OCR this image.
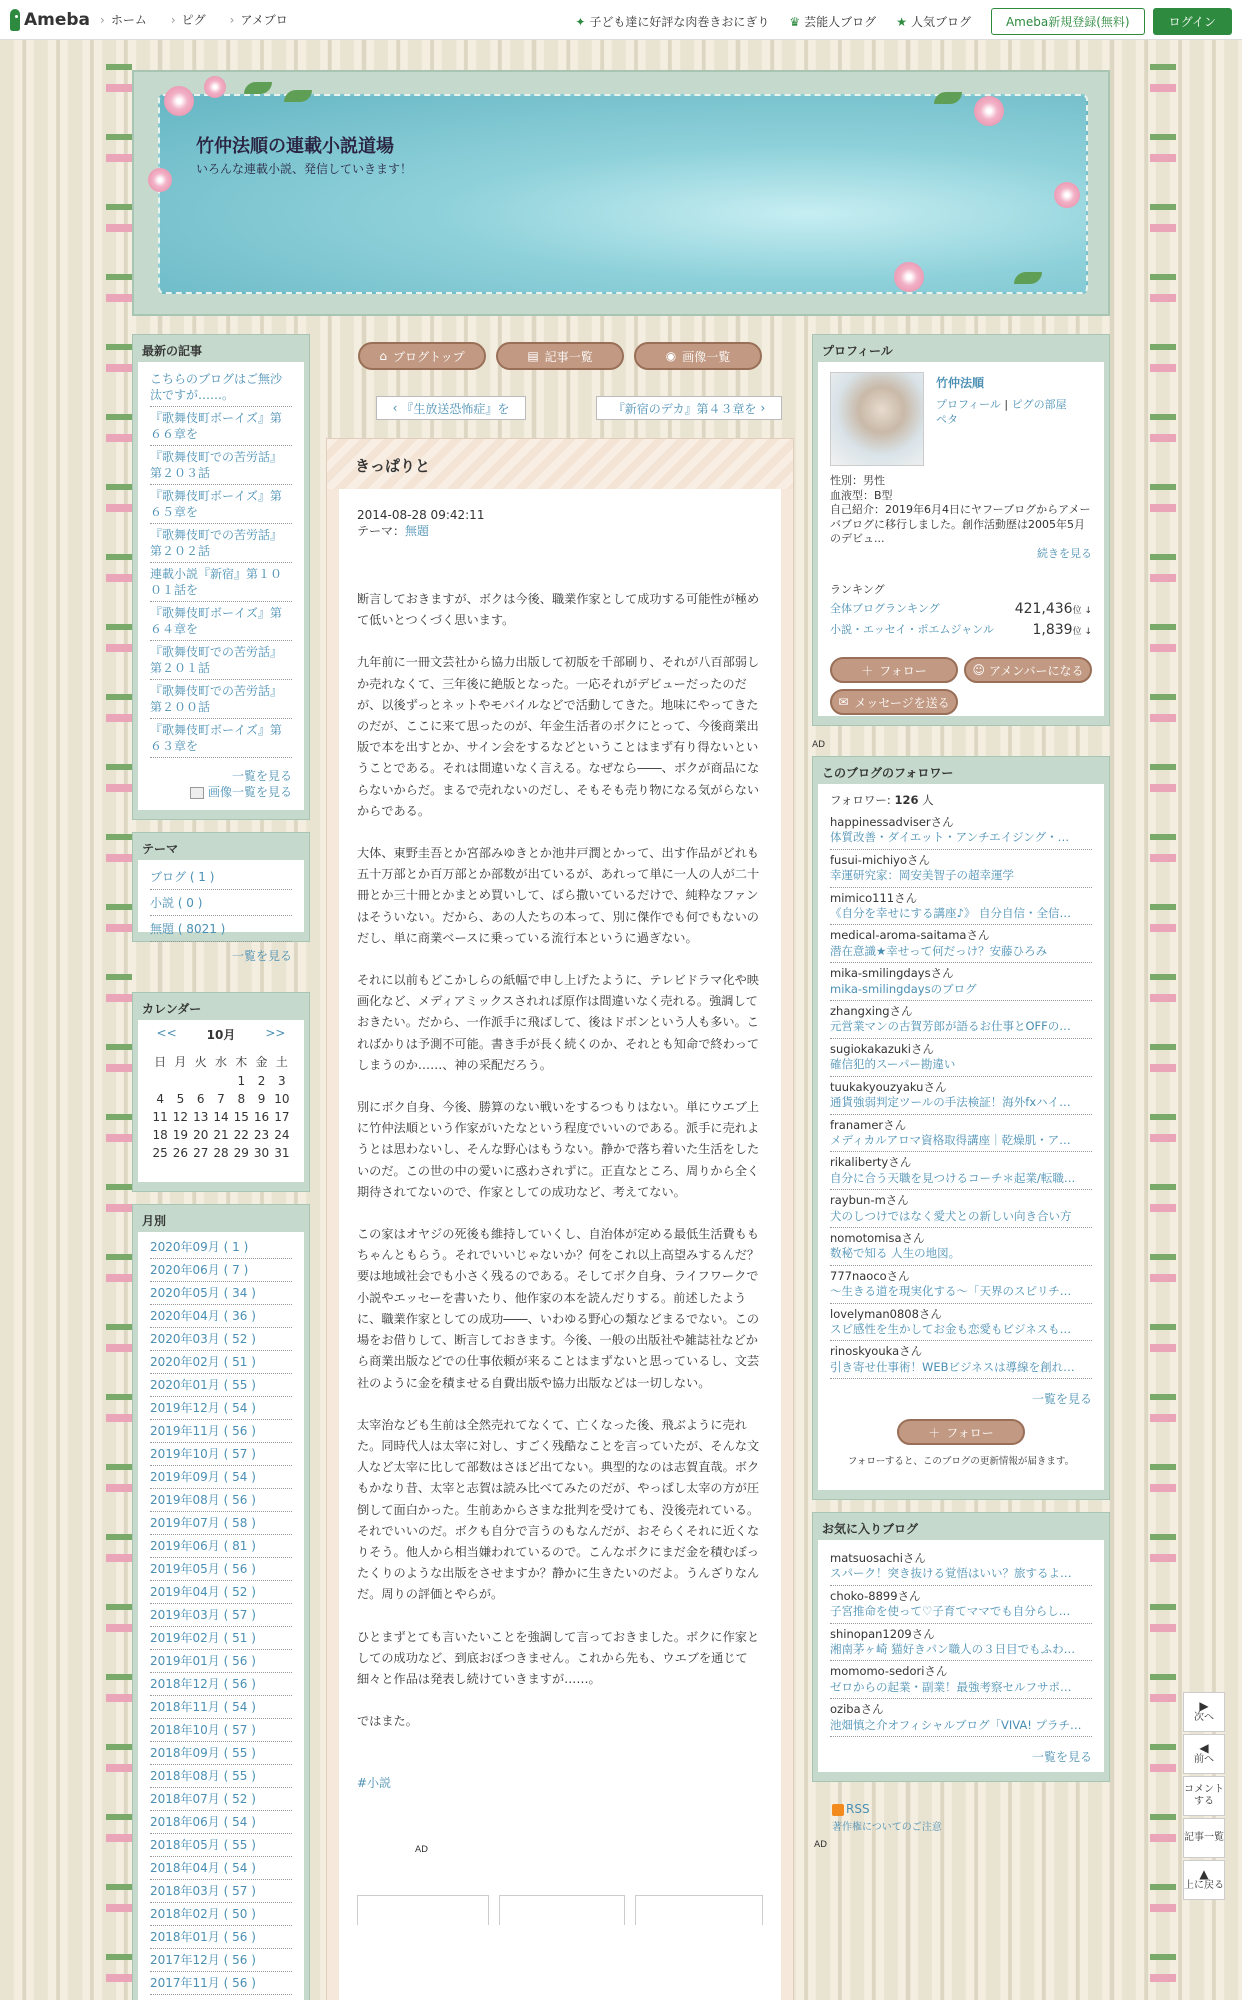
Ameba	› ホーム	› ピグ	› アメブロ	✦ 子ども達に好評な肉巻きおにぎり ♛ 芸能人ブログ ★ 人気ブログ	Ameba新規登録(無料)	ログイン
竹仲法順の連載小説道場
いろんな連載小説、発信していきます！
最新の記事
こちらのブログはご無沙汰ですが……。
『歌舞伎町ボーイズ』第６６章を
『歌舞伎町での苦労話』第２０３話
『歌舞伎町ボーイズ』第６５章を
『歌舞伎町での苦労話』第２０２話
連載小説『新宿』第１００１話を
『歌舞伎町ボーイズ』第６４章を
『歌舞伎町での苦労話』第２０１話
『歌舞伎町での苦労話』第２００話
『歌舞伎町ボーイズ』第６３章を
一覧を見る
画像一覧を見る
テーマ
ブログ ( 1 )
小説 ( 0 )
無題 ( 8021 )
一覧を見る
カレンダー
<<	10月	>>
日	月	火	水	木	金	土
				1	2	3
4	5	6	7	8	9	10
11	12	13	14	15	16	17
18	19	20	21	22	23	24
25	26	27	28	29	30	31
月別
2020年09月 ( 1 )
2020年06月 ( 7 )
2020年05月 ( 34 )
2020年04月 ( 36 )
2020年03月 ( 52 )
2020年02月 ( 51 )
2020年01月 ( 55 )
2019年12月 ( 54 )
2019年11月 ( 56 )
2019年10月 ( 57 )
2019年09月 ( 54 )
2019年08月 ( 56 )
2019年07月 ( 58 )
2019年06月 ( 81 )
2019年05月 ( 56 )
2019年04月 ( 52 )
2019年03月 ( 57 )
2019年02月 ( 51 )
2019年01月 ( 56 )
2018年12月 ( 56 )
2018年11月 ( 54 )
2018年10月 ( 57 )
2018年09月 ( 55 )
2018年08月 ( 55 )
2018年07月 ( 52 )
2018年06月 ( 54 )
2018年05月 ( 55 )
2018年04月 ( 54 )
2018年03月 ( 57 )
2018年02月 ( 50 )
2018年01月 ( 56 )
2017年12月 ( 56 )
2017年11月 ( 56 )
⌂ ブログトップ	▤ 記事一覧	◉ 画像一覧
‹ 『生放送恐怖症』を	『新宿のデカ』第４３章を ›
きっぱりと
2014-08-28 09:42:11
テーマ：無題

断言しておきますが、ボクは今後、職業作家として成功する可能性が極めて低いとつくづく思います。

九年前に一冊文芸社から協力出版して初版を千部刷り、それが八百部弱しか売れなくて、三年後に絶版となった。一応それがデビューだったのだが、以後ずっとネットやモバイルなどで活動してきた。地味にやってきたのだが、ここに来て思ったのが、年金生活者のボクにとって、今後商業出版で本を出すとか、サイン会をするなどということはまず有り得ないということである。それは間違いなく言える。なぜなら――、ボクが商品にならないからだ。まるで売れないのだし、そもそも売り物になる気がらないからである。

大体、東野圭吾とか宮部みゆきとか池井戸潤とかって、出す作品がどれも五十万部とか百万部とか部数が出ているが、あれって単に一人の人が二十冊とか三十冊とかまとめ買いして、ばら撒いているだけで、純粋なファンはそういない。だから、あの人たちの本って、別に傑作でも何でもないのだし、単に商業ベースに乗っている流行本というに過ぎない。

それに以前もどこかしらの紙幅で申し上げたように、テレビドラマ化や映画化など、メディアミックスされれば原作は間違いなく売れる。強調しておきたい。だから、一作派手に飛ばして、後はドボンという人も多い。こればかりは予測不可能。書き手が長く続くのか、それとも知命で終わってしまうのか……、神の采配だろう。

別にボク自身、今後、勝算のない戦いをするつもりはない。単にウエブ上に竹仲法順という作家がいたなという程度でいいのである。派手に売れようとは思わないし、そんな野心はもうない。静かで落ち着いた生活をしたいのだ。この世の中の愛いに惑わされずに。正直なところ、周りから全く期待されてないので、作家としての成功など、考えてない。

この家はオヤジの死後も維持していくし、自治体が定める最低生活費ももちゃんともらう。それでいいじゃないか？何をこれ以上高望みするんだ？要は地域社会でも小さく残るのである。そしてボク自身、ライフワークで小説やエッセーを書いたり、他作家の本を読んだりする。前述したように、職業作家としての成功――、いわゆる野心の類などまるでない。この場をお借りして、断言しておきます。今後、一般の出版社や雑誌社などから商業出版などでの仕事依頼が来ることはまずないと思っているし、文芸社のように金を積ませる自費出版や協力出版などは一切しない。

太宰治なども生前は全然売れてなくて、亡くなった後、飛ぶように売れた。同時代人は太宰に対し、すごく残酷なことを言っていたが、そんな文人など太宰に比して部数はさほど出てない。典型的なのは志賀直哉。ボクもかなり昔、太宰と志賀は読み比べてみたのだが、やっぱし太宰の方が圧倒して面白かった。生前あからさまな批判を受けても、没後売れている。それでいいのだ。ボクも自分で言うのもなんだが、おそらくそれに近くなりそう。他人から相当嫌われているので。こんなボクにまだ金を積むぼったくりのような出版をさせますか？静かに生きたいのだよ。うんざりなんだ。周りの評価とやらが。

ひとまずとても言いたいことを強調して言っておきました。ボクに作家としての成功など、到底おぼつきません。これから先も、ウエブを通じて細々と作品は発表し続けていきますが……。

ではまた。

#小説
AD
プロフィール
竹仲法順
プロフィール | ピグの部屋
ペタ
性別：男性
血液型：B型
自己紹介：2019年6月4日にヤフーブログからアメーバブログに移行しました。創作活動歴は2005年5月のデビュ...
続きを見る
ランキング
全体ブログランキング	421,436位 ↓
小説・エッセイ・ポエムジャンル	1,839位 ↓
＋ フォロー	☺ アメンバーになる
✉ メッセージを送る
AD
このブログのフォロワー
フォロワー: 126 人
happinessadviserさん
体質改善・ダイエット・アンチエイジング・…
fusui-michiyoさん
幸運研究家：岡安美智子の超幸運学
mimico111さん
《自分を幸せにする講座♪》 自分自信・全信…
medical-aroma-saitamaさん
潜在意識★幸せって何だっけ？安藤ひろみ
mika-smilingdaysさん
mika-smilingdaysのブログ
zhangxingさん
元営業マンの古賀芳郎が語るお仕事とOFFの…
sugiokakazukiさん
確信犯的スーパー勘違い
tuukakyouzyakuさん
通貨強弱判定ツールの手法検証！海外fxハイ…
franamerさん
メディカルアロマ資格取得講座｜乾燥肌・ア…
rikalibertyさん
自分に合う天職を見つけるコーチ＊起業/転職…
raybun-mさん
犬のしつけではなく愛犬との新しい向き合い方
nomotomisaさん
数秘で知る 人生の地図。
777naocoさん
〜生きる道を現実化する〜「天界のスピリチ…
lovelyman0808さん
スピ感性を生かしてお金も恋愛もビジネスも…
rinoskyoukaさん
引き寄せ仕事術！WEBビジネスは導線を創れ…
一覧を見る
＋ フォロー
フォローすると、このブログの更新情報が届きます。
お気に入りブログ
matsuosachiさん
スパーク！突き抜ける覚悟はいい？旅するよ…
choko-8899さん
子宮推命を使って♡子育てママでも自分らし…
shinopan1209さん
湘南茅ヶ崎 猫好きパン職人の３日目でもふわ…
momomo-sedoriさん
ゼロからの起業・副業！最強考察セルフサポ…
ozibaさん
池畑慎之介オフィシャルブログ「VIVA! プラチ…
一覧を見る
RSS
著作権についてのご注意
AD
▶
次へ
◀
前へ
コメント
する
記事一覧
▲
上に戻る
